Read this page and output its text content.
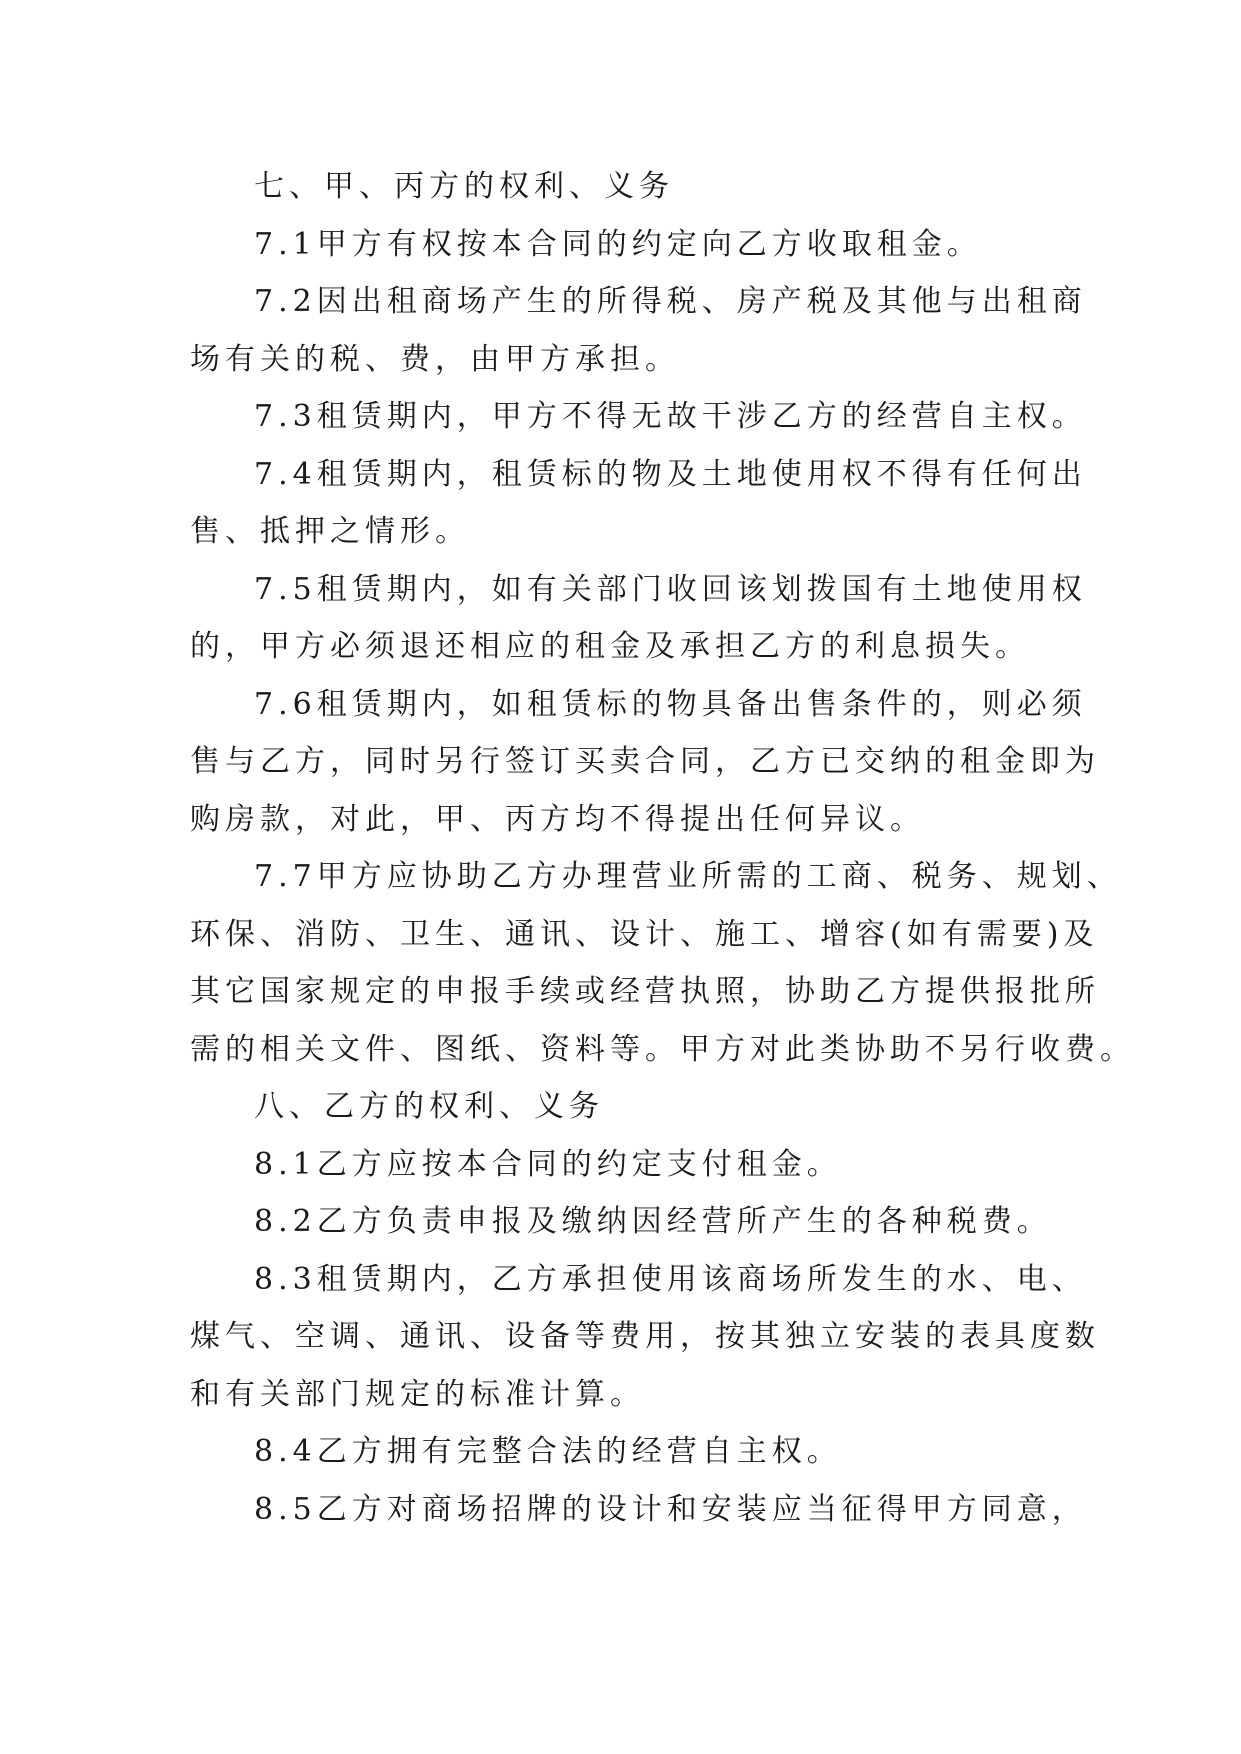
七、甲、丙方的权利、义务
7.1甲方有权按本合同的约定向乙方收取租金。
7.2因出租商场产生的所得税、房产税及其他与出租商
场有关的税、费，由甲方承担。
7.3租赁期内，甲方不得无故干涉乙方的经营自主权。
7.4租赁期内，租赁标的物及土地使用权不得有任何出
售、抵押之情形。
7.5租赁期内，如有关部门收回该划拨国有土地使用权
的，甲方必须退还相应的租金及承担乙方的利息损失。
7.6租赁期内，如租赁标的物具备出售条件的，则必须
售与乙方，同时另行签订买卖合同，乙方已交纳的租金即为
购房款，对此，甲、丙方均不得提出任何异议。
7.7甲方应协助乙方办理营业所需的工商、税务、规划、
环保、消防、卫生、通讯、设计、施工、增容(如有需要)及
其它国家规定的申报手续或经营执照，协助乙方提供报批所
需的相关文件、图纸、资料等。甲方对此类协助不另行收费。
八、乙方的权利、义务
8.1乙方应按本合同的约定支付租金。
8.2乙方负责申报及缴纳因经营所产生的各种税费。
8.3租赁期内，乙方承担使用该商场所发生的水、电、
煤气、空调、通讯、设备等费用，按其独立安装的表具度数
和有关部门规定的标准计算。
8.4乙方拥有完整合法的经营自主权。
8.5乙方对商场招牌的设计和安装应当征得甲方同意，
